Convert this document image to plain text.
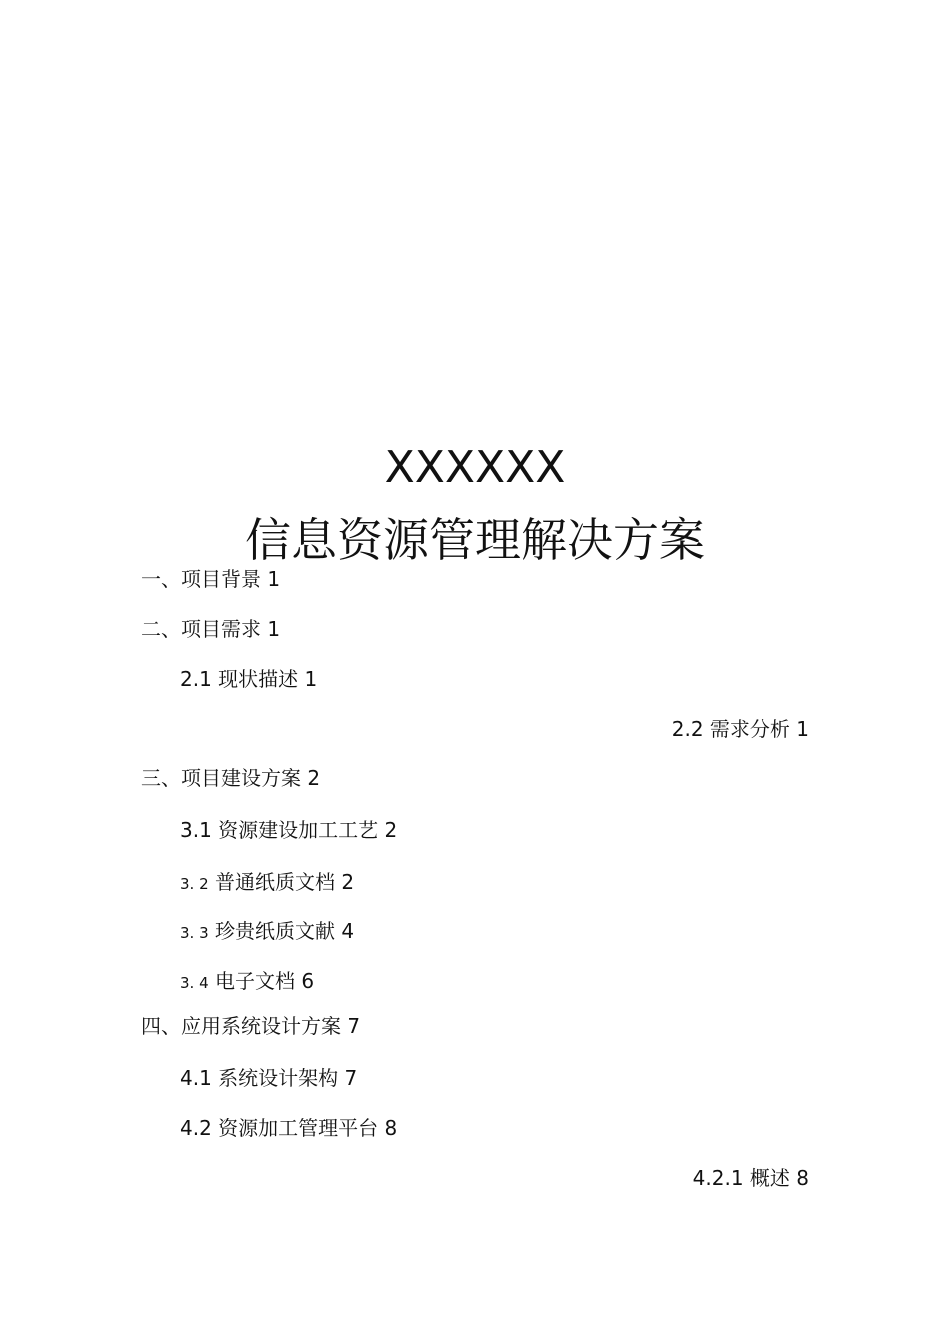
XXXXXX
信息资源管理解决方案
一、项目背景 1
二、项目需求 1
2.1 现状描述 1
2.2 需求分析 1
三、项目建设方案 2
3.1 资源建设加工工艺 2
3. 2 普通纸质文档 2
3. 3 珍贵纸质文献 4
3. 4 电子文档 6
四、应用系统设计方案 7
4.1 系统设计架构 7
4.2 资源加工管理平台 8
4.2.1 概述 8
